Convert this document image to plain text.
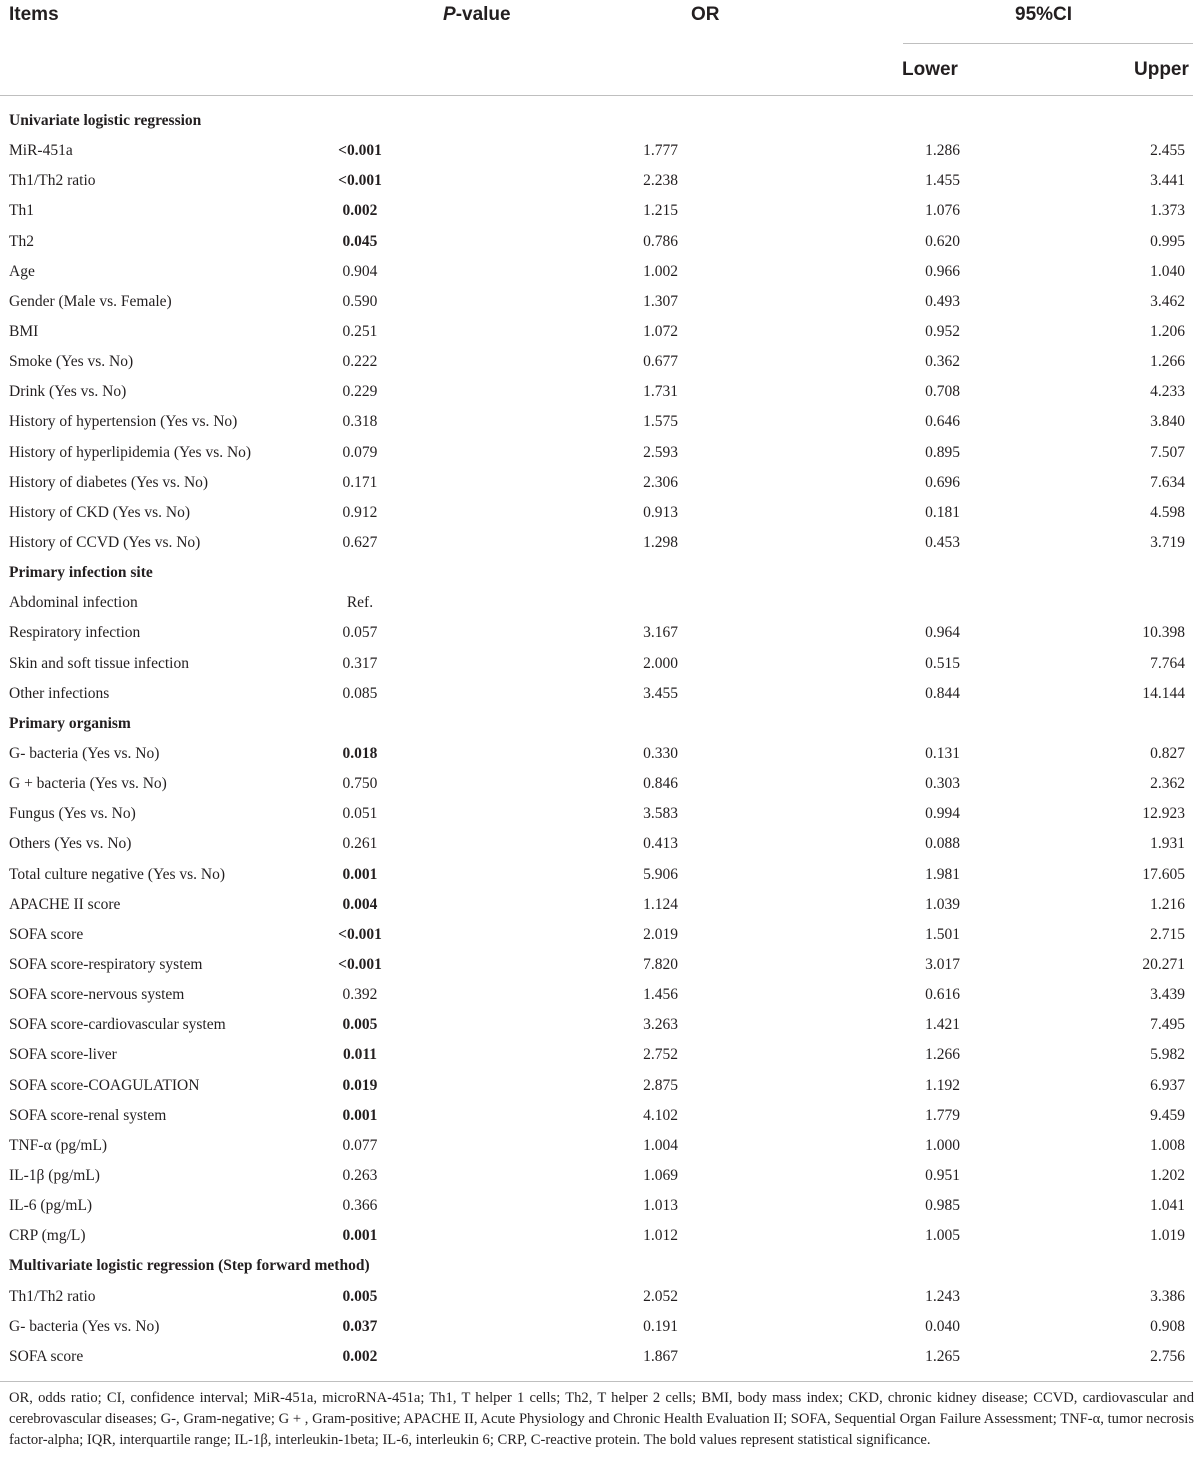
Items	P-value	OR	95%CI
Lower	Upper
Univariate logistic regression				
MiR-451a	<0.001	1.777	1.286	2.455
Th1/Th2 ratio	<0.001	2.238	1.455	3.441
Th1	0.002	1.215	1.076	1.373
Th2	0.045	0.786	0.620	0.995
Age	0.904	1.002	0.966	1.040
Gender (Male vs. Female)	0.590	1.307	0.493	3.462
BMI	0.251	1.072	0.952	1.206
Smoke (Yes vs. No)	0.222	0.677	0.362	1.266
Drink (Yes vs. No)	0.229	1.731	0.708	4.233
History of hypertension (Yes vs. No)	0.318	1.575	0.646	3.840
History of hyperlipidemia (Yes vs. No)	0.079	2.593	0.895	7.507
History of diabetes (Yes vs. No)	0.171	2.306	0.696	7.634
History of CKD (Yes vs. No)	0.912	0.913	0.181	4.598
History of CCVD (Yes vs. No)	0.627	1.298	0.453	3.719
Primary infection site				
Abdominal infection	Ref.			
Respiratory infection	0.057	3.167	0.964	10.398
Skin and soft tissue infection	0.317	2.000	0.515	7.764
Other infections	0.085	3.455	0.844	14.144
Primary organism				
G- bacteria (Yes vs. No)	0.018	0.330	0.131	0.827
G + bacteria (Yes vs. No)	0.750	0.846	0.303	2.362
Fungus (Yes vs. No)	0.051	3.583	0.994	12.923
Others (Yes vs. No)	0.261	0.413	0.088	1.931
Total culture negative (Yes vs. No)	0.001	5.906	1.981	17.605
APACHE II score	0.004	1.124	1.039	1.216
SOFA score	<0.001	2.019	1.501	2.715
SOFA score-respiratory system	<0.001	7.820	3.017	20.271
SOFA score-nervous system	0.392	1.456	0.616	3.439
SOFA score-cardiovascular system	0.005	3.263	1.421	7.495
SOFA score-liver	0.011	2.752	1.266	5.982
SOFA score-COAGULATION	0.019	2.875	1.192	6.937
SOFA score-renal system	0.001	4.102	1.779	9.459
TNF-α (pg/mL)	0.077	1.004	1.000	1.008
IL-1β (pg/mL)	0.263	1.069	0.951	1.202
IL-6 (pg/mL)	0.366	1.013	0.985	1.041
CRP (mg/L)	0.001	1.012	1.005	1.019
Multivariate logistic regression (Step forward method)				
Th1/Th2 ratio	0.005	2.052	1.243	3.386
G- bacteria (Yes vs. No)	0.037	0.191	0.040	0.908
SOFA score	0.002	1.867	1.265	2.756
OR, odds ratio; CI, confidence interval; MiR-451a, microRNA-451a; Th1, T helper 1 cells; Th2, T helper 2 cells; BMI, body mass index; CKD, chronic kidney disease; CCVD, cardiovascular and cerebrovascular diseases; G-, Gram-negative; G + , Gram-positive; APACHE II, Acute Physiology and Chronic Health Evaluation II; SOFA, Sequential Organ Failure Assessment; TNF-α, tumor necrosis factor-alpha; IQR, interquartile range; IL-1β, interleukin-1beta; IL-6, interleukin 6; CRP, C-reactive protein. The bold values represent statistical significance.
